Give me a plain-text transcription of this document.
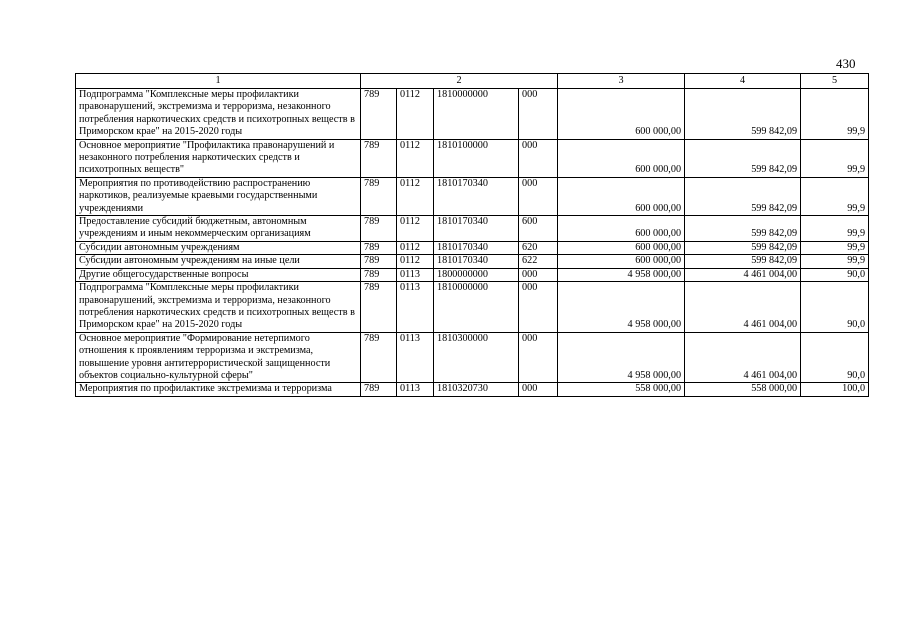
430
1	2				3	4	5
Подпрограмма "Комплексные меры профилактики правонарушений, экстремизма и терроризма, незаконного потребления наркотических средств и психотропных веществ в Приморском крае" на 2015-2020 годы	789	0112	1810000000	000	600 000,00	599 842,09	99,9
Основное мероприятие "Профилактика правонарушений и незаконного потребления наркотических средств и психотропных веществ"	789	0112	1810100000	000	600 000,00	599 842,09	99,9
Мероприятия по противодействию распространению наркотиков, реализуемые краевыми государственными учреждениями	789	0112	1810170340	000	600 000,00	599 842,09	99,9
Предоставление субсидий бюджетным, автономным учреждениям и иным некоммерческим организациям	789	0112	1810170340	600	600 000,00	599 842,09	99,9
Субсидии автономным учреждениям	789	0112	1810170340	620	600 000,00	599 842,09	99,9
Субсидии автономным учреждениям на иные цели	789	0112	1810170340	622	600 000,00	599 842,09	99,9
Другие общегосударственные вопросы	789	0113	1800000000	000	4 958 000,00	4 461 004,00	90,0
Подпрограмма "Комплексные меры профилактики правонарушений, экстремизма и терроризма, незаконного потребления наркотических средств и психотропных веществ в Приморском крае" на 2015-2020 годы	789	0113	1810000000	000	4 958 000,00	4 461 004,00	90,0
Основное мероприятие "Формирование нетерпимого отношения к проявлениям терроризма и экстремизма, повышение уровня антитеррористической защищенности объектов социально-культурной сферы"	789	0113	1810300000	000	4 958 000,00	4 461 004,00	90,0
Мероприятия по профилактике экстремизма и терроризма	789	0113	1810320730	000	558 000,00	558 000,00	100,0
